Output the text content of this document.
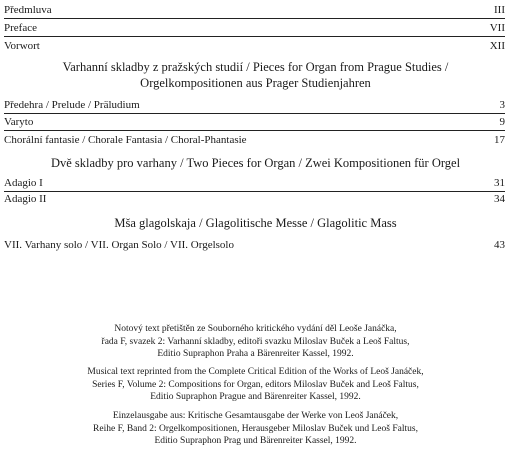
Předmluva	III
Preface	VII
Vorwort	XII
Varhanní skladby z pražských studií / Pieces for Organ from Prague Studies /
Orgelkompositionen aus Prager Studienjahren
Předehra / Prelude / Präludium	3
Varyto	9
Chorální fantasie / Chorale Fantasia / Choral-Phantasie	17
Dvě skladby pro varhany / Two Pieces for Organ / Zwei Kompositionen für Orgel
Adagio I	31
Adagio II	34
Mša glagolskaja / Glagolitische Messe / Glagolitic Mass
VII. Varhany solo / VII. Organ Solo / VII. Orgelsolo	43
Notový text přetištěn ze Souborného kritického vydání děl Leoše Janáčka,
řada F, svazek 2: Varhanní skladby, editoři svazku Miloslav Buček a Leoš Faltus,
Editio Supraphon Praha a Bärenreiter Kassel, 1992.
Musical text reprinted from the Complete Critical Edition of the Works of Leoš Janáček,
Series F, Volume 2: Compositions for Organ, editors Miloslav Buček and Leoš Faltus,
Editio Supraphon Prague and Bärenreiter Kassel, 1992.
Einzelausgabe aus: Kritische Gesamtausgabe der Werke von Leoš Janáček,
Reihe F, Band 2: Orgelkompositionen, Herausgeber Miloslav Buček und Leoš Faltus,
Editio Supraphon Prag und Bärenreiter Kassel, 1992.
